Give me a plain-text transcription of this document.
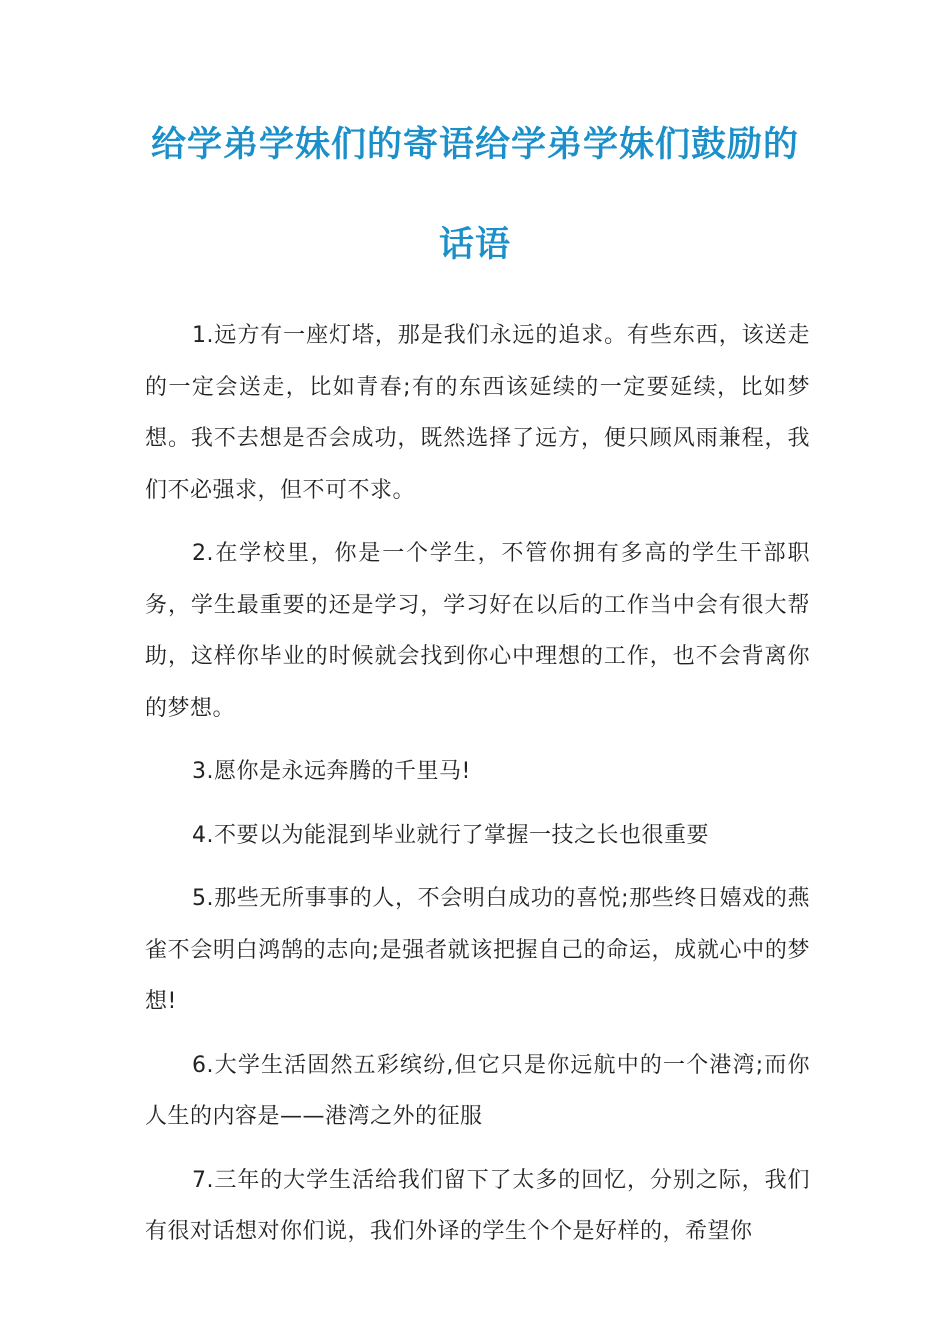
给学弟学妹们的寄语给学弟学妹们鼓励的话语

1.远方有一座灯塔，那是我们永远的追求。有些东西，该送走的一定会送走，比如青春;有的东西该延续的一定要延续，比如梦想。我不去想是否会成功，既然选择了远方，便只顾风雨兼程，我们不必强求，但不可不求。

2.在学校里，你是一个学生，不管你拥有多高的学生干部职务，学生最重要的还是学习，学习好在以后的工作当中会有很大帮助，这样你毕业的时候就会找到你心中理想的工作，也不会背离你的梦想。

3.愿你是永远奔腾的千里马!

4.不要以为能混到毕业就行了掌握一技之长也很重要

5.那些无所事事的人，不会明白成功的喜悦;那些终日嬉戏的燕雀不会明白鸿鹄的志向;是强者就该把握自己的命运，成就心中的梦想!

6.大学生活固然五彩缤纷,但它只是你远航中的一个港湾;而你人生的内容是——港湾之外的征服

7.三年的大学生活给我们留下了太多的回忆，分别之际，我们有很对话想对你们说，我们外译的学生个个是好样的，希望你
